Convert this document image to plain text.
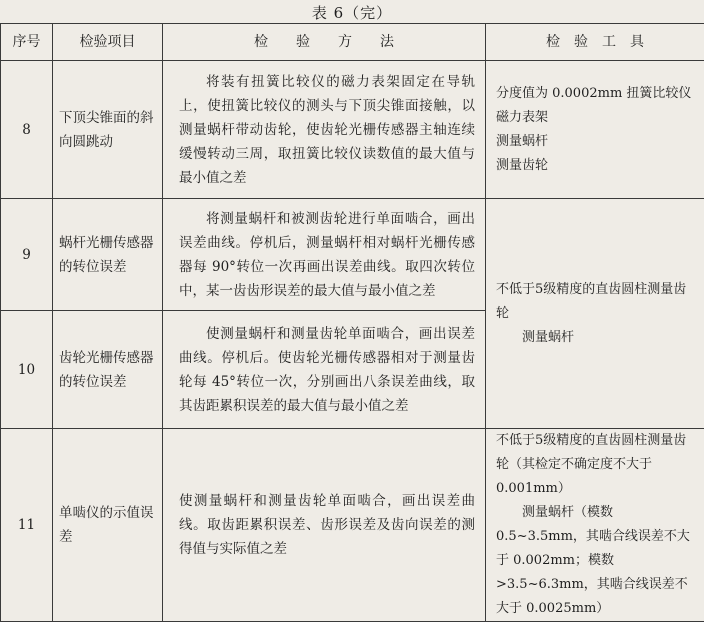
表 6（完）
序号	检验项目	检　　验　　方　　法	检　验　工　具
8	下顶尖锥面的斜向圆跳动	将装有扭簧比较仪的磁力表架固定在导轨上，使扭簧比较仪的测头与下顶尖锥面接触，以测量蜗杆带动齿轮，使齿轮光栅传感器主轴连续缓慢转动三周，取扭簧比较仪读数值的最大值与最小值之差	分度值为 0.0002mm 扭簧比较仪

磁力表架

测量蜗杆

测量齿轮

9	蜗杆光栅传感器的转位误差	将测量蜗杆和被测齿轮进行单面啮合，画出误差曲线。停机后，测量蜗杆相对蜗杆光栅传感器每 90°转位一次再画出误差曲线。取四次转位中，某一齿齿形误差的最大值与最小值之差	不低于5级精度的直齿圆柱测量齿轮

测量蜗杆

10	齿轮光栅传感器的转位误差	使测量蜗杆和测量齿轮单面啮合，画出误差曲线。停机后。使齿轮光栅传感器相对于测量齿轮每 45°转位一次，分别画出八条误差曲线，取其齿距累积误差的最大值与最小值之差	

11	单啮仪的示值误差	使测量蜗杆和测量齿轮单面啮合，画出误差曲线。取齿距累积误差、齿形误差及齿向误差的测得值与实际值之差	不低于5级精度的直齿圆柱测量齿轮（其检定不确定度不大于 0.001mm）

测量蜗杆（模数 0.5~3.5mm，其啮合线误差不大于 0.002mm；模数 >3.5~6.3mm，其啮合线误差不大于 0.0025mm）
